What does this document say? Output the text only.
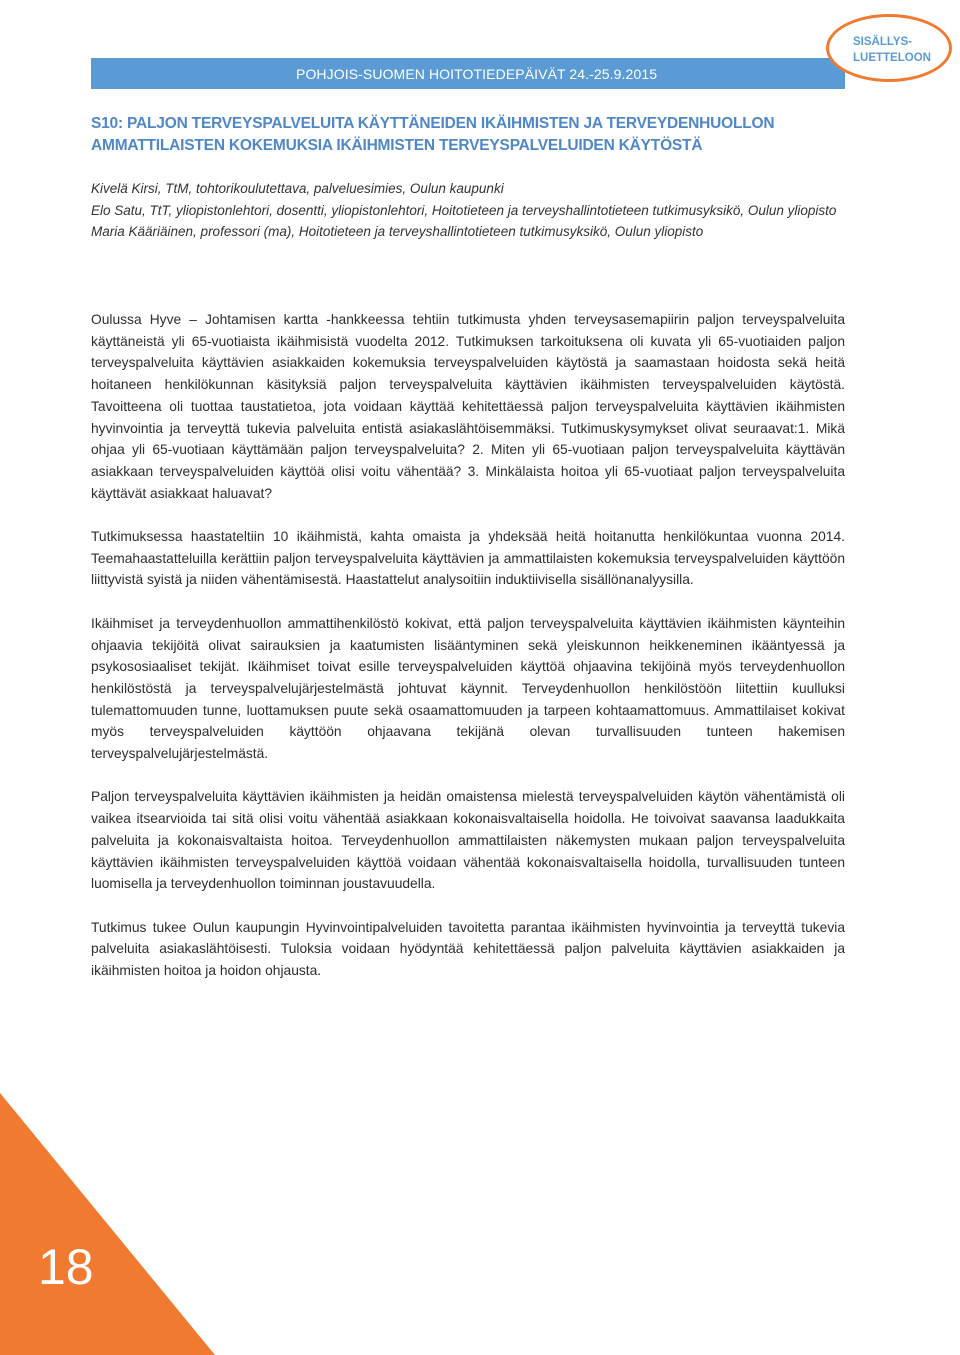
POHJOIS-SUOMEN HOITOTIEDEPÄIVÄT 24.-25.9.2015
SISÄLLYS-
LUETTELOON
S10: PALJON TERVEYSPALVELUITA KÄYTTÄNEIDEN IKÄIHMISTEN JA TERVEYDENHUOLLON AMMATTILAISTEN KOKEMUKSIA IKÄIHMISTEN TERVEYSPALVELUIDEN KÄYTÖSTÄ

Kivelä Kirsi, TtM, tohtorikoulutettava, palveluesimies, Oulun kaupunki

Elo Satu, TtT, yliopistonlehtori, dosentti, yliopistonlehtori, Hoitotieteen ja terveyshallintotieteen tutkimusyksikö, Oulun yliopisto

Maria Kääriäinen, professori (ma), Hoitotieteen ja terveyshallintotieteen tutkimusyksikö, Oulun yliopisto

Oulussa Hyve – Johtamisen kartta -hankkeessa tehtiin tutkimusta yhden terveysasemapiirin paljon terveyspalveluita käyttäneistä yli 65-vuotiaista ikäihmisistä vuodelta 2012. Tutkimuksen tarkoituksena oli kuvata yli 65-vuotiaiden paljon terveyspalveluita käyttävien asiakkaiden kokemuksia terveyspalveluiden käytöstä ja saamastaan hoidosta sekä heitä hoitaneen henkilökunnan käsityksiä paljon terveyspalveluita käyttävien ikäihmisten terveyspalveluiden käytöstä. Tavoitteena oli tuottaa taustatietoa, jota voidaan käyttää kehitettäessä paljon terveyspalveluita käyttävien ikäihmisten hyvinvointia ja terveyttä tukevia palveluita entistä asiakaslähtöisemmäksi. Tutkimuskysymykset olivat seuraavat:1. Mikä ohjaa yli 65-vuotiaan käyttämään paljon terveyspalveluita? 2. Miten yli 65-vuotiaan paljon terveyspalveluita käyttävän asiakkaan terveyspalveluiden käyttöä olisi voitu vähentää? 3. Minkälaista hoitoa yli 65-vuotiaat paljon terveyspalveluita käyttävät asiakkaat haluavat?

Tutkimuksessa haastateltiin 10 ikäihmistä, kahta omaista ja yhdeksää heitä hoitanutta henkilökuntaa vuonna 2014. Teemahaastatteluilla kerättiin paljon terveyspalveluita käyttävien ja ammattilaisten kokemuksia terveyspalveluiden käyttöön liittyvistä syistä ja niiden vähentämisestä. Haastattelut analysoitiin induktiivisella sisällönanalyysilla.

Ikäihmiset ja terveydenhuollon ammattihenkilöstö kokivat, että paljon terveyspalveluita käyttävien ikäihmisten käynteihin ohjaavia tekijöitä olivat sairauksien ja kaatumisten lisääntyminen sekä yleiskunnon heikkeneminen ikääntyessä ja psykososiaaliset tekijät. Ikäihmiset toivat esille terveyspalveluiden käyttöä ohjaavina tekijöinä myös terveydenhuollon henkilöstöstä ja terveyspalvelujärjestelmästä johtuvat käynnit. Terveydenhuollon henkilöstöön liitettiin kuulluksi tulemattomuuden tunne, luottamuksen puute sekä osaamattomuuden ja tarpeen kohtaamattomuus. Ammattilaiset kokivat myös terveyspalveluiden käyttöön ohjaavana tekijänä olevan turvallisuuden tunteen hakemisen terveyspalvelujärjestelmästä.

Paljon terveyspalveluita käyttävien ikäihmisten ja heidän omaistensa mielestä terveyspalveluiden käytön vähentämistä oli vaikea itsearvioida tai sitä olisi voitu vähentää asiakkaan kokonaisvaltaisella hoidolla. He toivoivat saavansa laadukkaita palveluita ja kokonaisvaltaista hoitoa. Terveydenhuollon ammattilaisten näkemysten mukaan paljon terveyspalveluita käyttävien ikäihmisten terveyspalveluiden käyttöä voidaan vähentää kokonaisvaltaisella hoidolla, turvallisuuden tunteen luomisella ja terveydenhuollon toiminnan joustavuudella.

Tutkimus tukee Oulun kaupungin Hyvinvointipalveluiden tavoitetta parantaa ikäihmisten hyvinvointia ja terveyttä tukevia palveluita asiakaslähtöisesti. Tuloksia voidaan hyödyntää kehitettäessä paljon palveluita käyttävien asiakkaiden ja ikäihmisten hoitoa ja hoidon ohjausta.

18
